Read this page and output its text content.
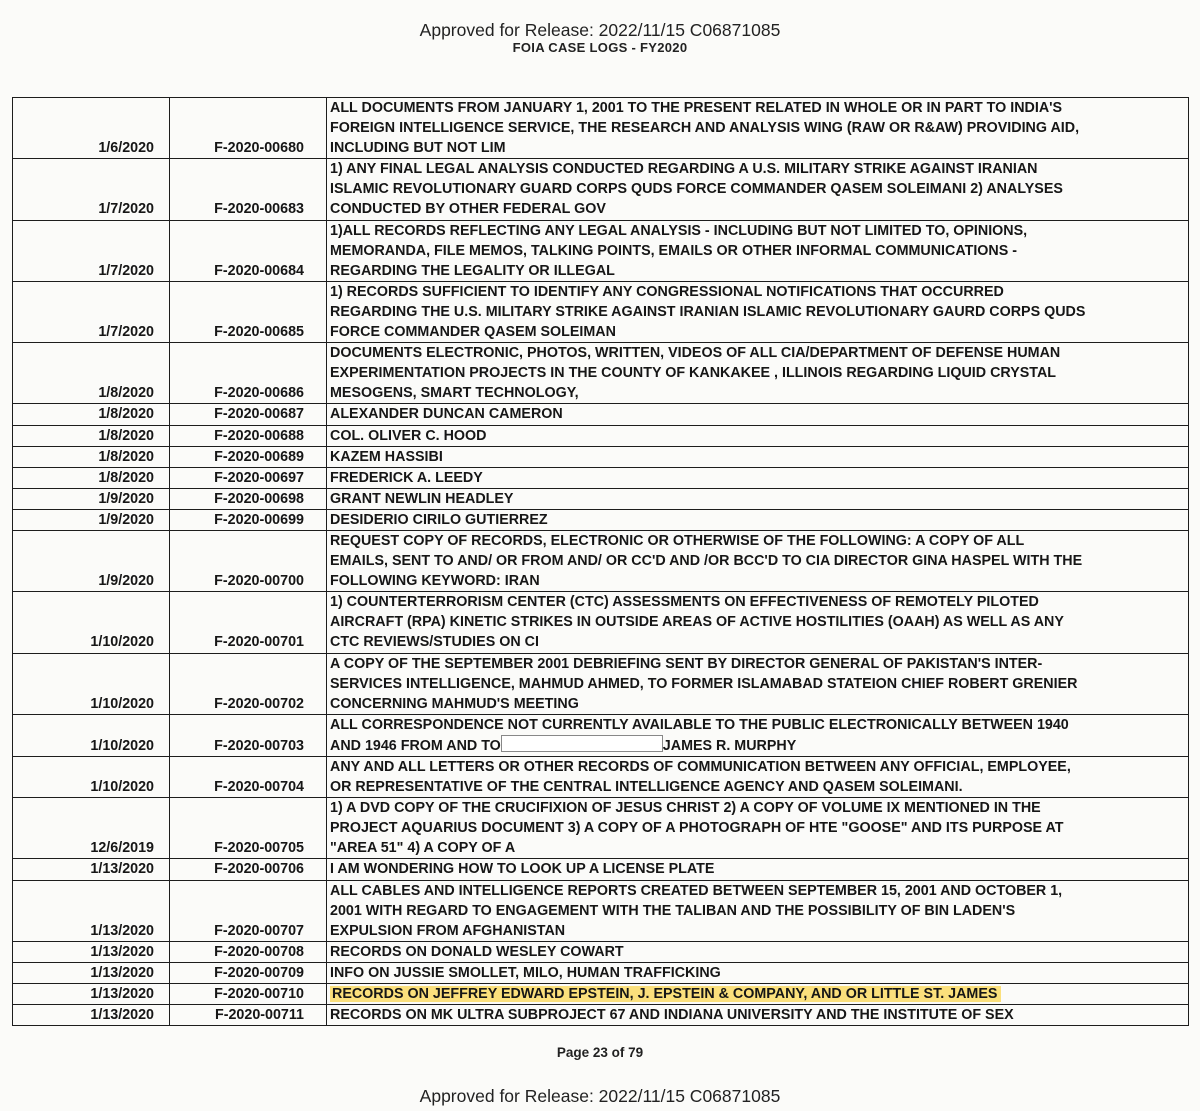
Approved for Release: 2022/11/15 C06871085
FOIA CASE LOGS - FY2020
1/6/2020	F-2020-00680	ALL DOCUMENTS FROM JANUARY 1, 2001 TO THE PRESENT RELATED IN WHOLE OR IN PART TO INDIA'S
FOREIGN INTELLIGENCE SERVICE, THE RESEARCH AND ANALYSIS WING (RAW OR R&AW) PROVIDING AID,
INCLUDING BUT NOT LIM
1/7/2020	F-2020-00683	1) ANY FINAL LEGAL ANALYSIS CONDUCTED REGARDING A U.S. MILITARY STRIKE AGAINST IRANIAN
ISLAMIC REVOLUTIONARY GUARD CORPS QUDS FORCE COMMANDER QASEM SOLEIMANI 2) ANALYSES
CONDUCTED BY OTHER FEDERAL GOV
1/7/2020	F-2020-00684	1)ALL RECORDS REFLECTING ANY LEGAL ANALYSIS - INCLUDING BUT NOT LIMITED TO, OPINIONS,
MEMORANDA, FILE MEMOS, TALKING POINTS, EMAILS OR OTHER INFORMAL COMMUNICATIONS -
REGARDING THE LEGALITY OR ILLEGAL
1/7/2020	F-2020-00685	1) RECORDS SUFFICIENT TO IDENTIFY ANY CONGRESSIONAL NOTIFICATIONS THAT OCCURRED
REGARDING THE U.S. MILITARY STRIKE AGAINST IRANIAN ISLAMIC REVOLUTIONARY GAURD CORPS QUDS
FORCE COMMANDER QASEM SOLEIMAN
1/8/2020	F-2020-00686	DOCUMENTS ELECTRONIC, PHOTOS, WRITTEN, VIDEOS OF ALL CIA/DEPARTMENT OF DEFENSE HUMAN
EXPERIMENTATION PROJECTS IN THE COUNTY OF KANKAKEE , ILLINOIS REGARDING LIQUID CRYSTAL
MESOGENS, SMART TECHNOLOGY,
1/8/2020	F-2020-00687	ALEXANDER DUNCAN CAMERON
1/8/2020	F-2020-00688	COL. OLIVER C. HOOD
1/8/2020	F-2020-00689	KAZEM HASSIBI
1/8/2020	F-2020-00697	FREDERICK A. LEEDY
1/9/2020	F-2020-00698	GRANT NEWLIN HEADLEY
1/9/2020	F-2020-00699	DESIDERIO CIRILO GUTIERREZ
1/9/2020	F-2020-00700	REQUEST COPY OF RECORDS, ELECTRONIC OR OTHERWISE OF THE FOLLOWING: A COPY OF ALL
EMAILS, SENT TO AND/ OR FROM AND/ OR CC'D AND /OR BCC'D TO CIA DIRECTOR GINA HASPEL WITH THE
FOLLOWING KEYWORD: IRAN
1/10/2020	F-2020-00701	1) COUNTERTERRORISM CENTER (CTC) ASSESSMENTS ON EFFECTIVENESS OF REMOTELY PILOTED
AIRCRAFT (RPA) KINETIC STRIKES IN OUTSIDE AREAS OF ACTIVE HOSTILITIES (OAAH) AS WELL AS ANY
CTC REVIEWS/STUDIES ON CI
1/10/2020	F-2020-00702	A COPY OF THE SEPTEMBER 2001 DEBRIEFING SENT BY DIRECTOR GENERAL OF PAKISTAN'S INTER-
SERVICES INTELLIGENCE, MAHMUD AHMED, TO FORMER ISLAMABAD STATEION CHIEF ROBERT GRENIER
CONCERNING MAHMUD'S MEETING
1/10/2020	F-2020-00703	ALL CORRESPONDENCE NOT CURRENTLY AVAILABLE TO THE PUBLIC ELECTRONICALLY BETWEEN 1940
AND 1946 FROM AND TO JAMES R. MURPHY
1/10/2020	F-2020-00704	ANY AND ALL LETTERS OR OTHER RECORDS OF COMMUNICATION BETWEEN ANY OFFICIAL, EMPLOYEE,
OR REPRESENTATIVE OF THE CENTRAL INTELLIGENCE AGENCY AND QASEM SOLEIMANI.
12/6/2019	F-2020-00705	1) A DVD COPY OF THE CRUCIFIXION OF JESUS CHRIST 2) A COPY OF VOLUME IX MENTIONED IN THE
PROJECT AQUARIUS DOCUMENT 3) A COPY OF A PHOTOGRAPH OF HTE "GOOSE" AND ITS PURPOSE AT
"AREA 51" 4) A COPY OF A
1/13/2020	F-2020-00706	I AM WONDERING HOW TO LOOK UP A LICENSE PLATE
1/13/2020	F-2020-00707	ALL CABLES AND INTELLIGENCE REPORTS CREATED BETWEEN SEPTEMBER 15, 2001 AND OCTOBER 1,
2001 WITH REGARD TO ENGAGEMENT WITH THE TALIBAN AND THE POSSIBILITY OF BIN LADEN'S
EXPULSION FROM AFGHANISTAN
1/13/2020	F-2020-00708	RECORDS ON DONALD WESLEY COWART
1/13/2020	F-2020-00709	INFO ON JUSSIE SMOLLET, MILO, HUMAN TRAFFICKING
1/13/2020	F-2020-00710	RECORDS ON JEFFREY EDWARD EPSTEIN, J. EPSTEIN & COMPANY, AND OR LITTLE ST. JAMES
1/13/2020	F-2020-00711	RECORDS ON MK ULTRA SUBPROJECT 67 AND INDIANA UNIVERSITY AND THE INSTITUTE OF SEX
Page 23 of 79
Approved for Release: 2022/11/15 C06871085
